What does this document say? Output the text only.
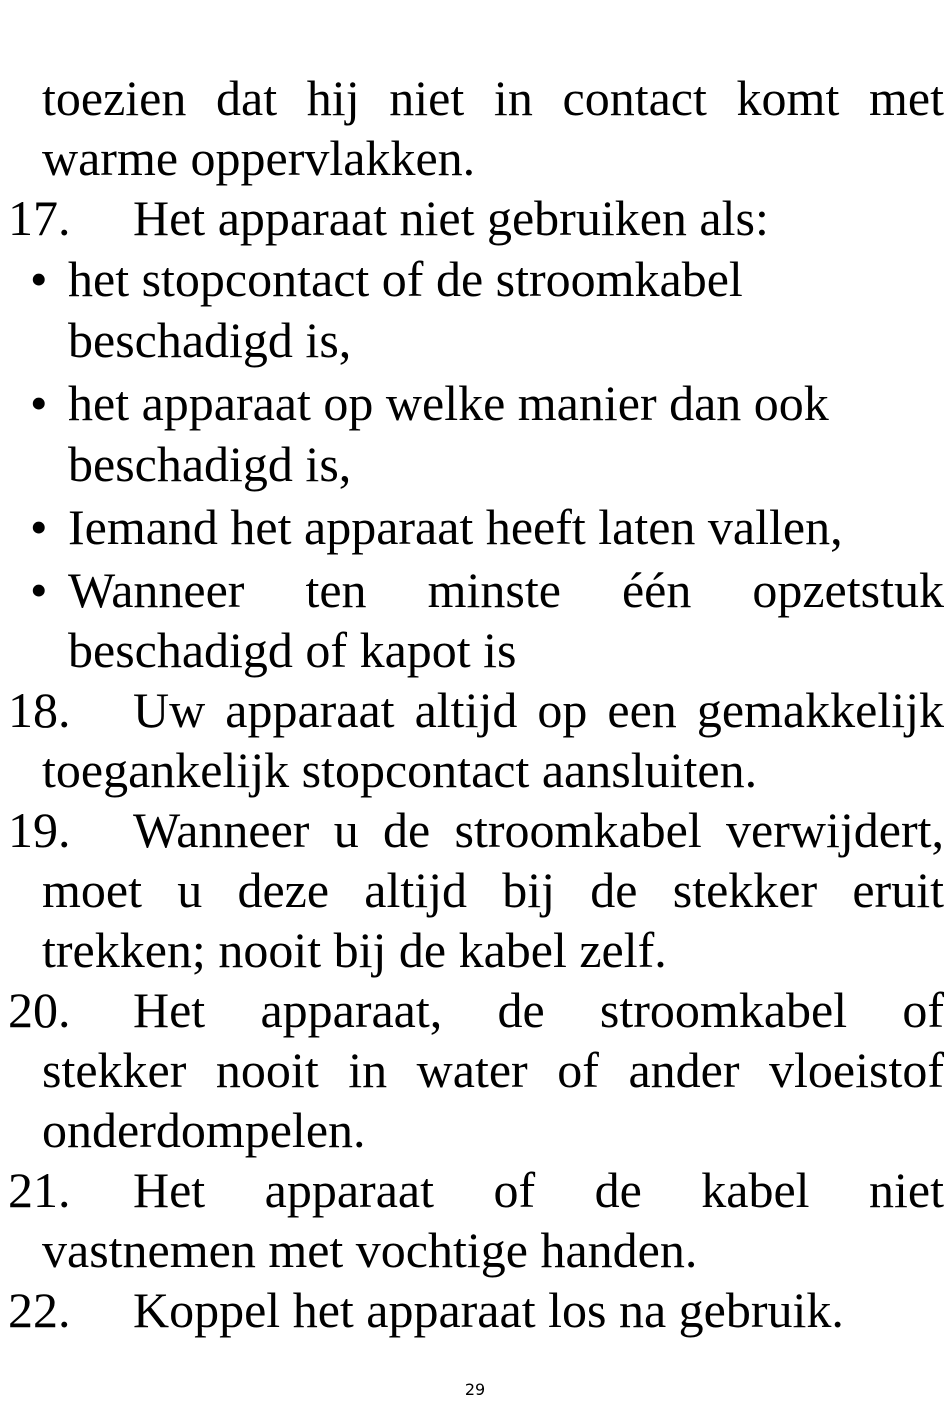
toezien dat hij niet in contact komt met
warme oppervlakken.
17. Het apparaat niet gebruiken als:
• het stopcontact of de stroomkabel
beschadigd is,
• het apparaat op welke manier dan ook
beschadigd is,
• Iemand het apparaat heeft laten vallen,
• Wanneer ten minste één opzetstuk
beschadigd of kapot is
18. Uw apparaat altijd op een gemakkelijk
toegankelijk stopcontact aansluiten.
19. Wanneer u de stroomkabel verwijdert,
moet u deze altijd bij de stekker eruit
trekken; nooit bij de kabel zelf.
20. Het apparaat, de stroomkabel of
stekker nooit in water of ander vloeistof
onderdompelen.
21. Het apparaat of de kabel niet
vastnemen met vochtige handen.
22. Koppel het apparaat los na gebruik.
29
